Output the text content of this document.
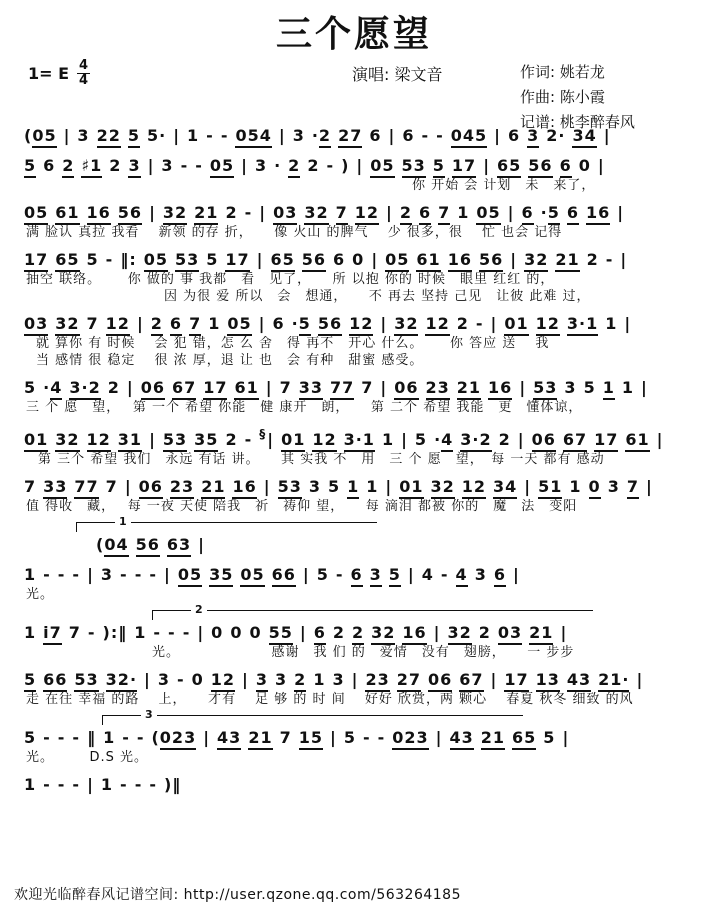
三个愿望
1= E $\frac{4}{4}$	演唱: 梁文音	作词: 姚若龙
作曲: 陈小霞
记谱: 桃李醉春风
(05 | 3 22 5 5· | 1 - - 054 | 3 ·2 27 6 | 6 - - 045 | 6 3 2· 34 |
5 6 2 ♯1 2 3 | 3 - - 05 | 3 · 2 2 - ) | 05 53 5 17 | 65 56 6 0 |
你 开始 会 计划　未　来了，
05 61 16 56 | 32 21 2 - | 03 32 7 12 | 2 6 7 1 05 | 6 ·5 6 16 |
满 脸认 真拉 我看　 新领 的存 折，　　像 火山 的脾气　 少 很多，很　 忙 也会 记得
17 65 5 - ‖: 05 53 5 17 | 65 56 6 0 | 05 61 16 56 | 32 21 2 - |
抽空 联络。　　 你 做的 事 我都　看　见了，　　所 以抱 你的 时候　眼里 红红 的，
因 为很 爱 所以　会　想通，　　不 再去 坚持 己见　让彼 此难 过，
03 32 7 12 | 2 6 7 1 05 | 6 ·5 56 12 | 32 12 2 - | 01 12 3·1 1 |
就 算你 有 时候　 会 犯 错，怎 么 舍　得 再不　开心 什么。　　 你 答应 送　 我
当 感情 很 稳定　 很 浓 厚，退 让 也　会 有种　甜蜜 感受。
5 ·4 3·2 2 | 06 67 17 61 | 7 33 77 7 | 06 23 21 16 | 53 3 5 1 1 |
三 个 愿　望，　 第 一个 希望 你能　健 康开　朗，　　第 二个 希望 我能　更　懂体谅，
01 32 12 31 | 53 35 2 - §| 01 12 3·1 1 | 5 ·4 3·2 2 | 06 67 17 61 |
第 三个 希望 我们　永远 有话 讲。　　其 实我 不　用　三 个 愿　望，　每 一天 都有 感动
7 33 77 7 | 06 23 21 16 | 53 3 5 1 1 | 01 32 12 34 | 51 1 0 3 7 |
值 得收　藏，　 每 一夜 天使 陪我　祈　祷仰 望，　　每 滴泪 都被 你的　魔　法　变阳
1
(04 56 63 |
1 - - - | 3 - - - | 05 35 05 66 | 5 - 6 3 5 | 4 - 4 3 6 |
光。
2
1 i7 7 - ):‖ 1 - - - | 0 0 0 55 | 6 2 2 32 16 | 32 2 03 21 |
光。　　　　　　　感谢　我 们 的　爱情　没有　翅膀，　　一 步步
5 66 53 32· | 3 - 0 12 | 3 3 2 1 3 | 23 27 06 67 | 17 13 43 21· |
走 在往 幸福 的路　 上，　　才有　 足 够 的 时 间　 好好 欣赏，两 颗心　 春夏 秋冬 细致 的风
3
5 - - - ‖ 1 - - (023 | 43 21 7 15 | 5 - - 023 | 43 21 65 5 |
光。　　　D.S 光。
1 - - - | 1 - - - )‖
欢迎光临醉春风记谱空间: http://user.qzone.qq.com/563264185
